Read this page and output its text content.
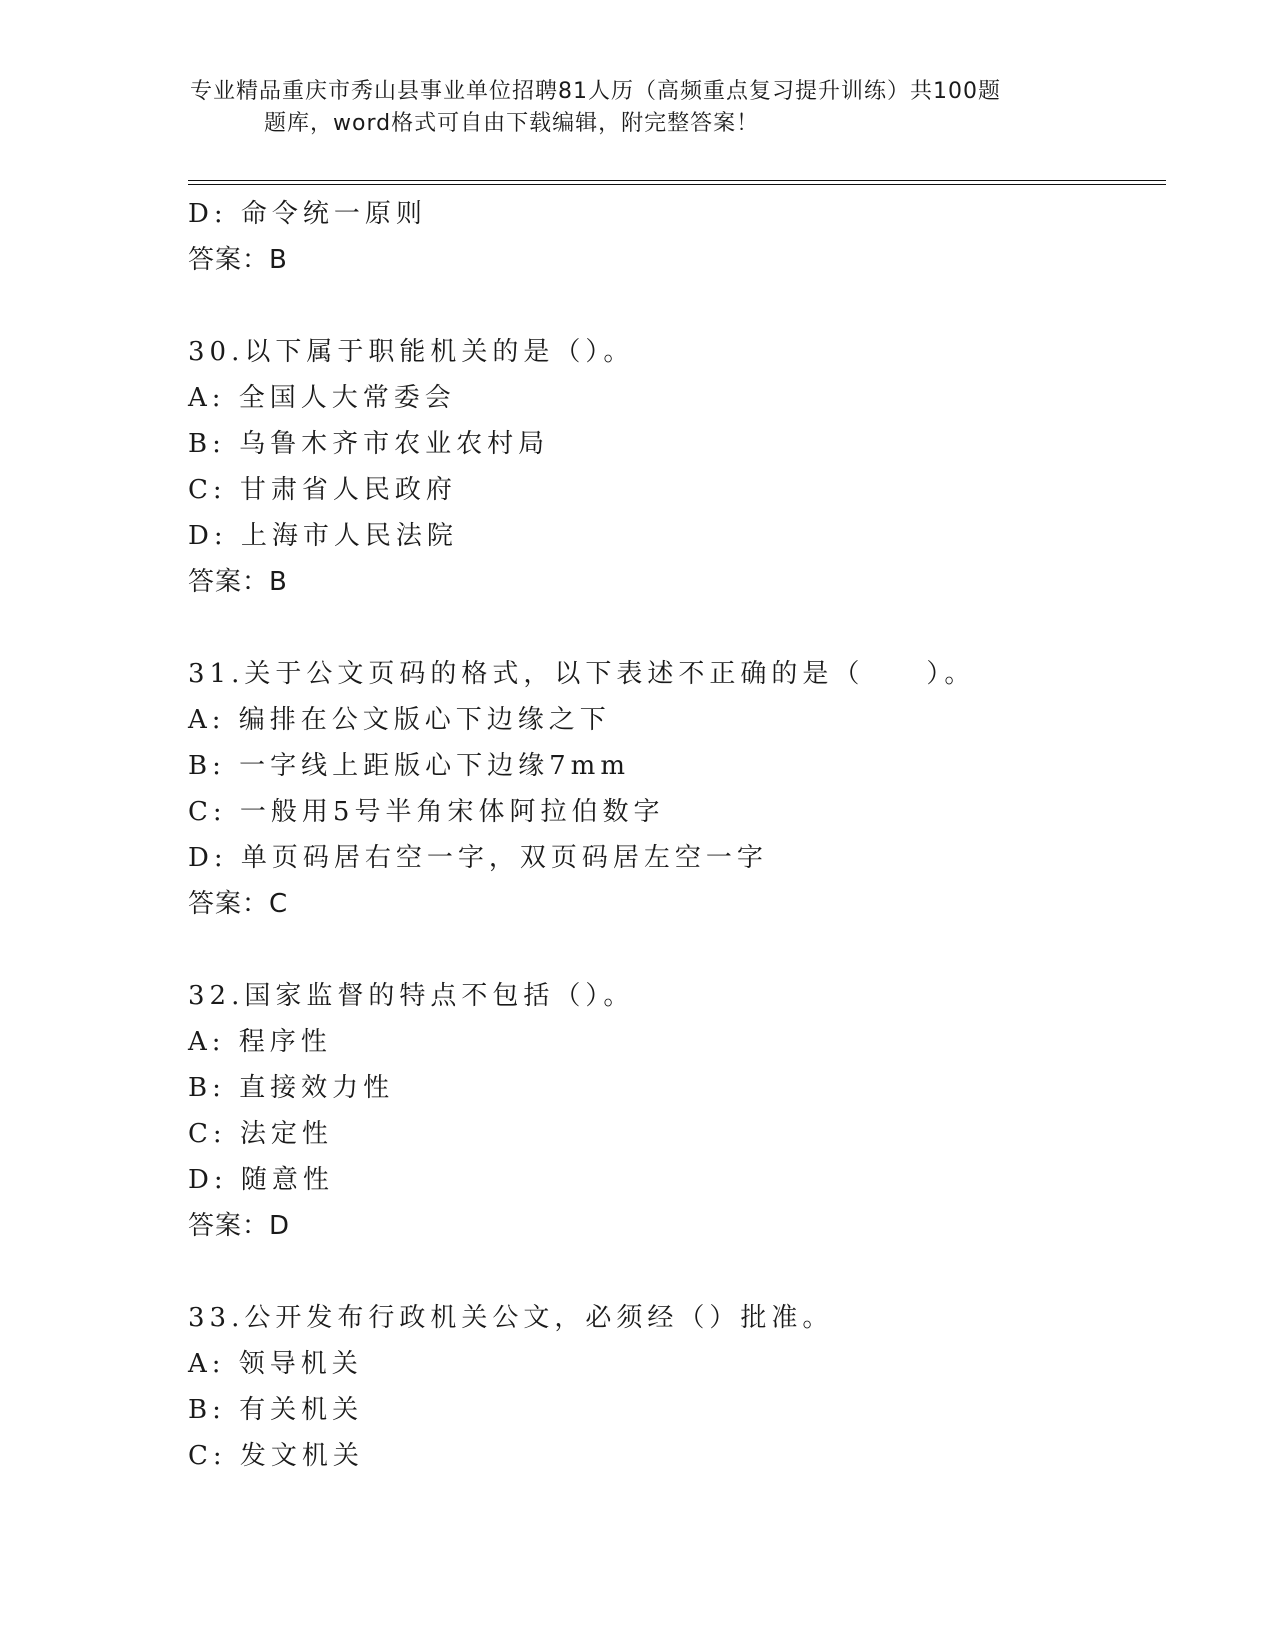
专业精品重庆市秀山县事业单位招聘81人历（高频重点复习提升训练）共100题
题库，word格式可自由下载编辑，附完整答案！
D: 命令统一原则
答案：B
30.以下属于职能机关的是（）。
A: 全国人大常委会
B: 乌鲁木齐市农业农村局
C: 甘肃省人民政府
D: 上海市人民法院
答案：B
31.关于公文页码的格式，以下表述不正确的是（　　）。
A: 编排在公文版心下边缘之下
B: 一字线上距版心下边缘7mm
C: 一般用5号半角宋体阿拉伯数字
D: 单页码居右空一字，双页码居左空一字
答案：C
32.国家监督的特点不包括（）。
A: 程序性
B: 直接效力性
C: 法定性
D: 随意性
答案：D
33.公开发布行政机关公文，必须经（）批准。
A: 领导机关
B: 有关机关
C: 发文机关
